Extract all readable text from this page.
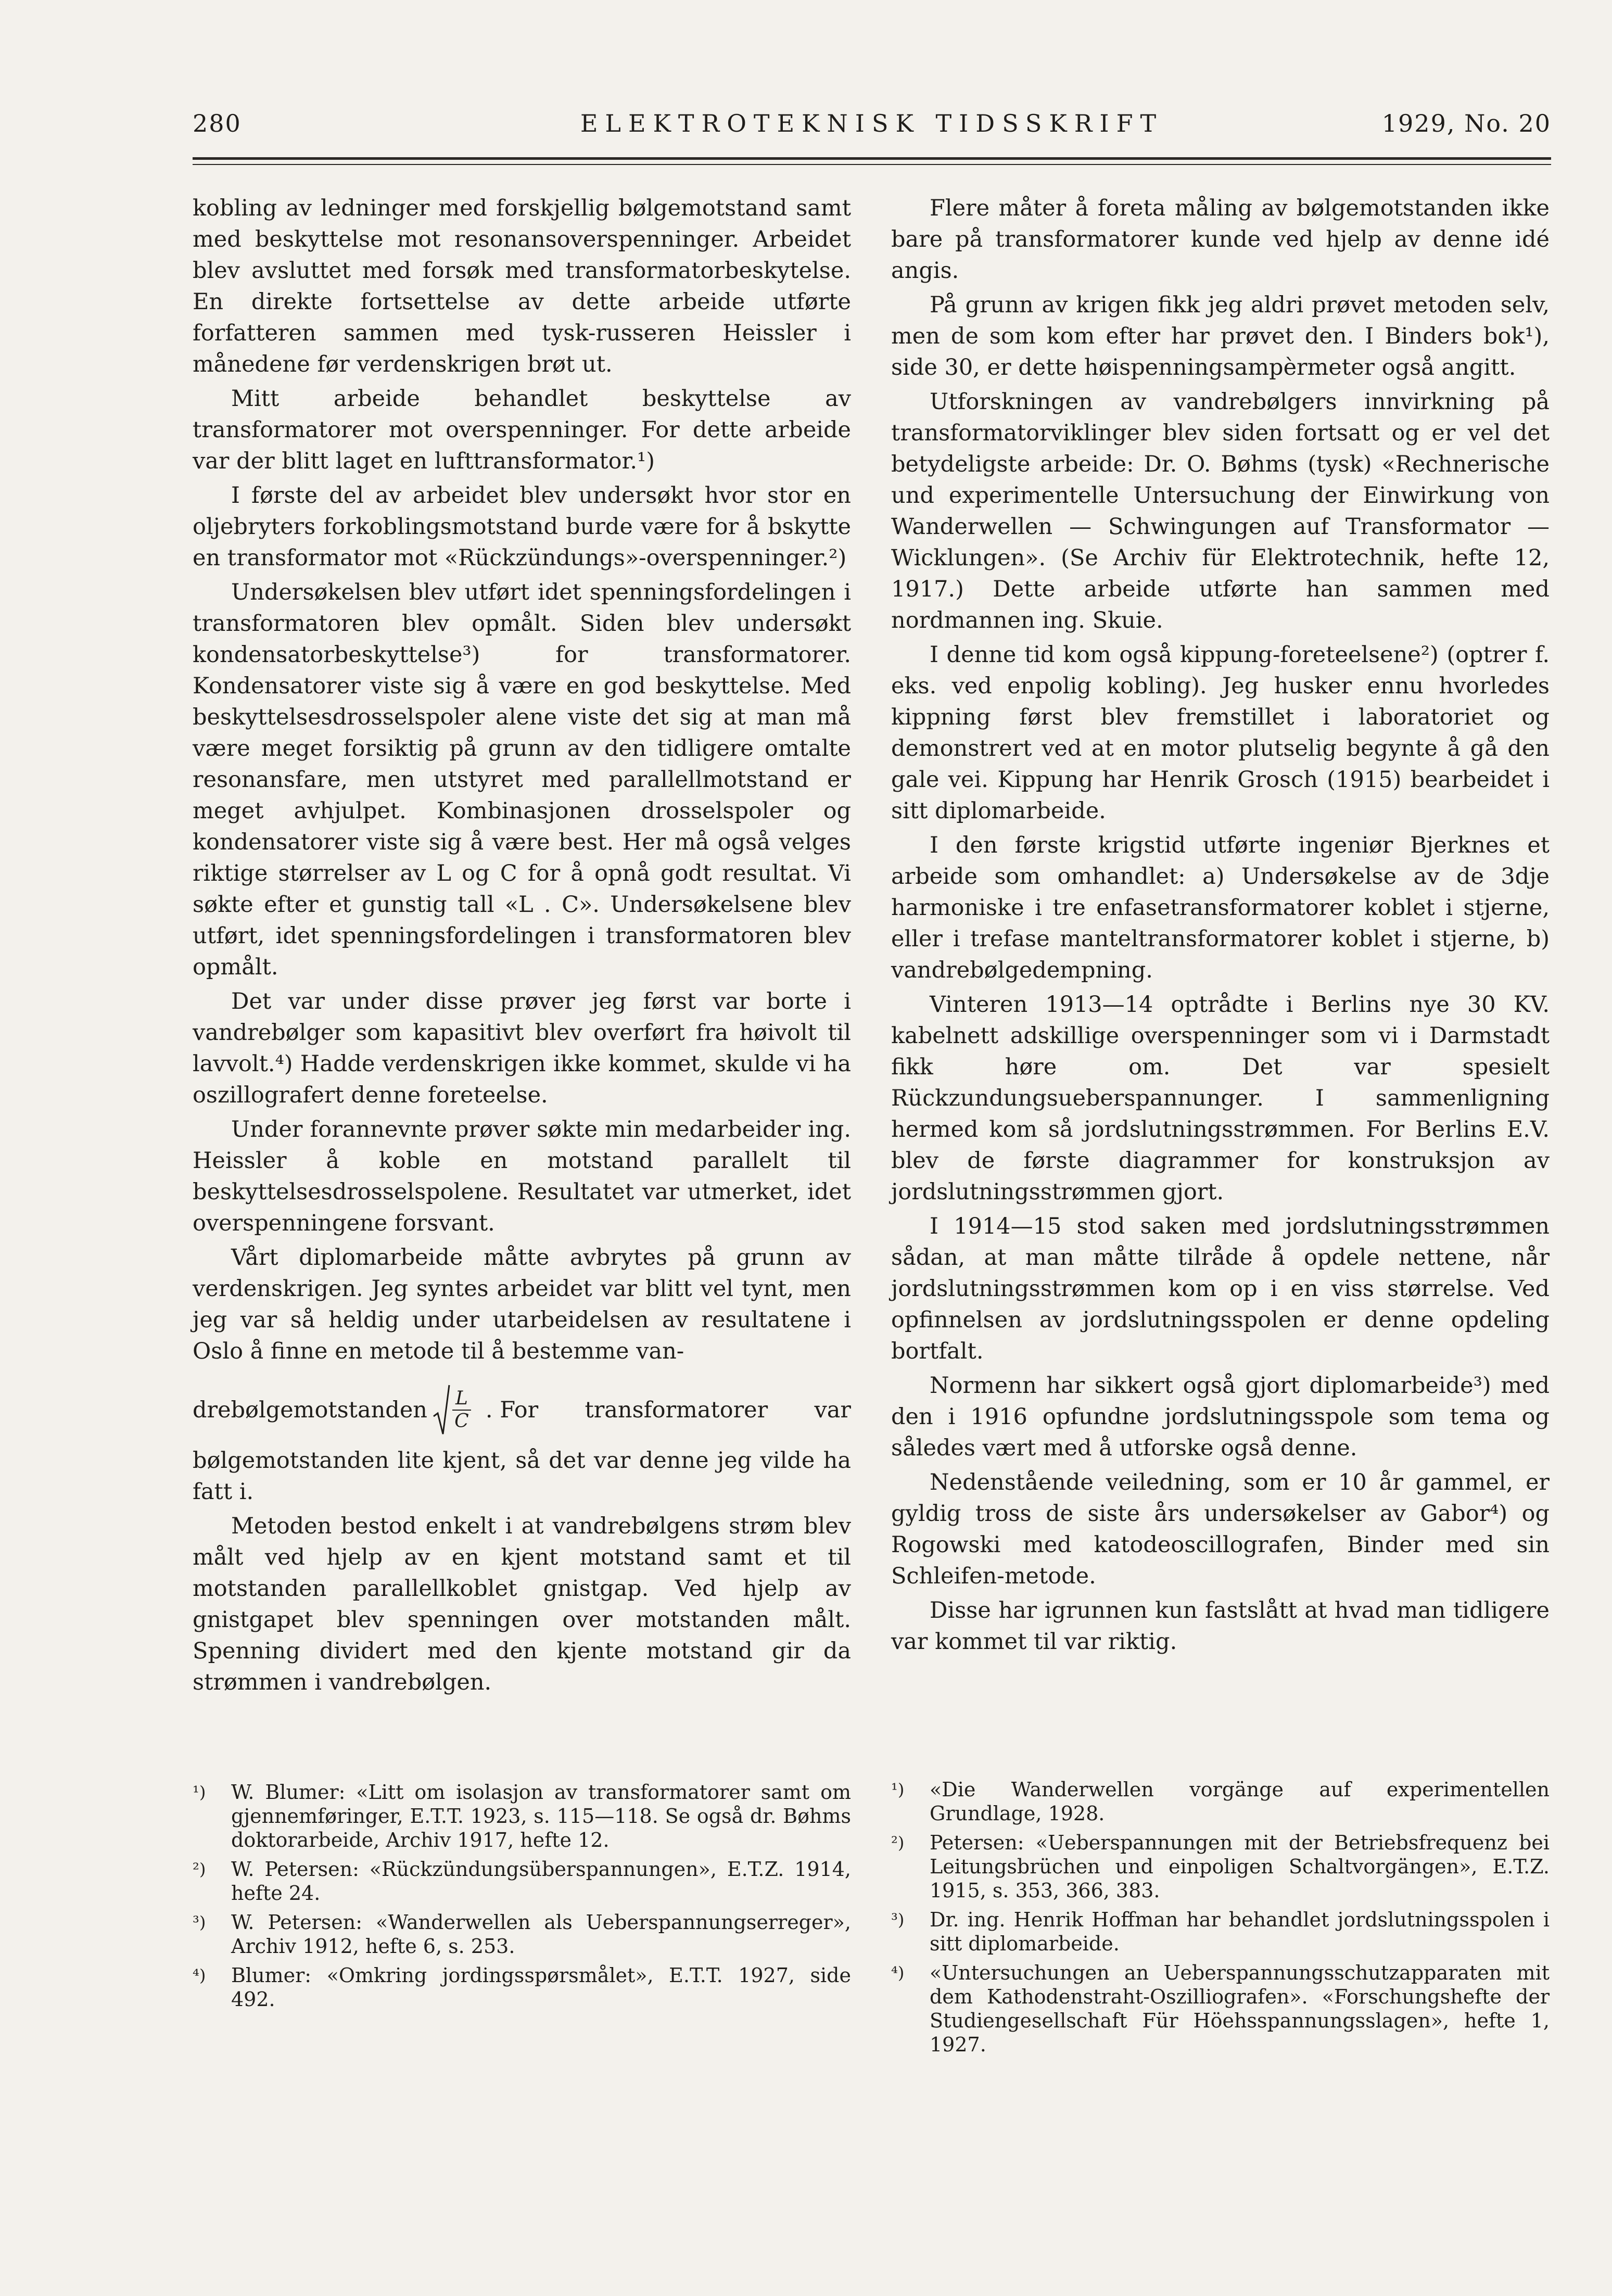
280	ELEKTROTEKNISK TIDSSKRIFT	1929, No. 20

kobling av ledninger med forskjellig bølgemotstand samt med beskyttelse mot resonansoverspenninger. Arbeidet blev avsluttet med forsøk med transformatorbeskytelse. En direkte fortsettelse av dette arbeide utførte forfatteren sammen med tysk-russeren Heissler i månedene før verdenskrigen brøt ut.

Mitt arbeide behandlet beskyttelse av transformatorer mot overspenninger. For dette arbeide var der blitt laget en lufttransformator.¹)

I første del av arbeidet blev undersøkt hvor stor en oljebryters forkoblingsmotstand burde være for å bskytte en transformator mot «Rückzündungs»-overspenninger.²)

Undersøkelsen blev utført idet spenningsfordelingen i transformatoren blev opmålt. Siden blev undersøkt kondensatorbeskyttelse³) for transformatorer. Kondensatorer viste sig å være en god beskyttelse. Med beskyttelsesdrosselspoler alene viste det sig at man må være meget forsiktig på grunn av den tidligere omtalte resonansfare, men utstyret med parallellmotstand er meget avhjulpet. Kombinasjonen drosselspoler og kondensatorer viste sig å være best. Her må også velges riktige størrelser av L og C for å opnå godt resultat. Vi søkte efter et gunstig tall «L . C». Undersøkelsene blev utført, idet spenningsfordelingen i transformatoren blev opmålt.

Det var under disse prøver jeg først var borte i vandrebølger som kapasitivt blev overført fra høivolt til lavvolt.⁴) Hadde verdenskrigen ikke kommet, skulde vi ha oszillografert denne foreteelse.

Under forannevnte prøver søkte min medarbeider ing. Heissler å koble en motstand parallelt til beskyttelsesdrosselspolene. Resultatet var utmerket, idet overspenningene forsvant.

Vårt diplomarbeide måtte avbrytes på grunn av verdenskrigen. Jeg syntes arbeidet var blitt vel tynt, men jeg var så heldig under utarbeidelsen av resultatene i Oslo å finne en metode til å bestemme van-

drebølgemotstanden $\frac{L}{C}$ . For transformatorer var

bølgemotstanden lite kjent, så det var denne jeg vilde ha fatt i.

Metoden bestod enkelt i at vandrebølgens strøm blev målt ved hjelp av en kjent motstand samt et til motstanden parallellkoblet gnistgap. Ved hjelp av gnistgapet blev spenningen over motstanden målt. Spenning dividert med den kjente motstand gir da strømmen i vandrebølgen.

Flere måter å foreta måling av bølgemotstanden ikke bare på transformatorer kunde ved hjelp av denne idé angis.

På grunn av krigen fikk jeg aldri prøvet metoden selv, men de som kom efter har prøvet den. I Binders bok¹), side 30, er dette høispenningsampèrmeter også angitt.

Utforskningen av vandrebølgers innvirkning på transformatorviklinger blev siden fortsatt og er vel det betydeligste arbeide: Dr. O. Bøhms (tysk) «Rechnerische und experimentelle Untersuchung der Einwirkung von Wanderwellen — Schwingungen auf Transformator — Wicklungen». (Se Archiv für Elektrotechnik, hefte 12, 1917.) Dette arbeide utførte han sammen med nordmannen ing. Skuie.

I denne tid kom også kippung-foreteelsene²) (optrer f. eks. ved enpolig kobling). Jeg husker ennu hvorledes kippning først blev fremstillet i laboratoriet og demonstrert ved at en motor plutselig begynte å gå den gale vei. Kippung har Henrik Grosch (1915) bearbeidet i sitt diplomarbeide.

I den første krigstid utførte ingeniør Bjerknes et arbeide som omhandlet: a) Undersøkelse av de 3dje harmoniske i tre enfasetransformatorer koblet i stjerne, eller i trefase manteltransformatorer koblet i stjerne, b) vandrebølgedempning.

Vinteren 1913—14 optrådte i Berlins nye 30 KV. kabelnett adskillige overspenninger som vi i Darmstadt fikk høre om. Det var spesielt Rückzundungsueberspannunger. I sammenligning hermed kom så jordslutningsstrømmen. For Berlins E.V. blev de første diagrammer for konstruksjon av jordslutningsstrømmen gjort.

I 1914—15 stod saken med jordslutningsstrømmen sådan, at man måtte tilråde å opdele nettene, når jordslutningsstrømmen kom op i en viss størrelse. Ved opfinnelsen av jordslutningsspolen er denne opdeling bortfalt.

Normenn har sikkert også gjort diplomarbeide³) med den i 1916 opfundne jordslutningsspole som tema og således vært med å utforske også denne.

Nedenstående veiledning, som er 10 år gammel, er gyldig tross de siste års undersøkelser av Gabor⁴) og Rogowski med katodeoscillografen, Binder med sin Schleifen-metode.

Disse har igrunnen kun fastslått at hvad man tidligere var kommet til var riktig.

¹)	W. Blumer: «Litt om isolasjon av transformatorer samt om gjennemføringer, E.T.T. 1923, s. 115—118. Se også dr. Bøhms doktorarbeide, Archiv 1917, hefte 12.
²)	W. Petersen: «Rückzündungsüberspannungen», E.T.Z. 1914, hefte 24.
³)	W. Petersen: «Wanderwellen als Ueberspannungserreger», Archiv 1912, hefte 6, s. 253.
⁴)	Blumer: «Omkring jordingsspørsmålet», E.T.T. 1927, side 492.
¹)	«Die Wanderwellen vorgänge auf experimentellen Grundlage, 1928.
²)	Petersen: «Ueberspannungen mit der Betriebsfrequenz bei Leitungsbrüchen und einpoligen Schaltvorgängen», E.T.Z. 1915, s. 353, 366, 383.
³)	Dr. ing. Henrik Hoffman har behandlet jordslutningsspolen i sitt diplomarbeide.
⁴)	«Untersuchungen an Ueberspannungsschutzapparaten mit dem Kathodenstraht-Oszilliografen». «Forschungshefte der Studiengesellschaft Für Höehsspannungsslagen», hefte 1, 1927.
